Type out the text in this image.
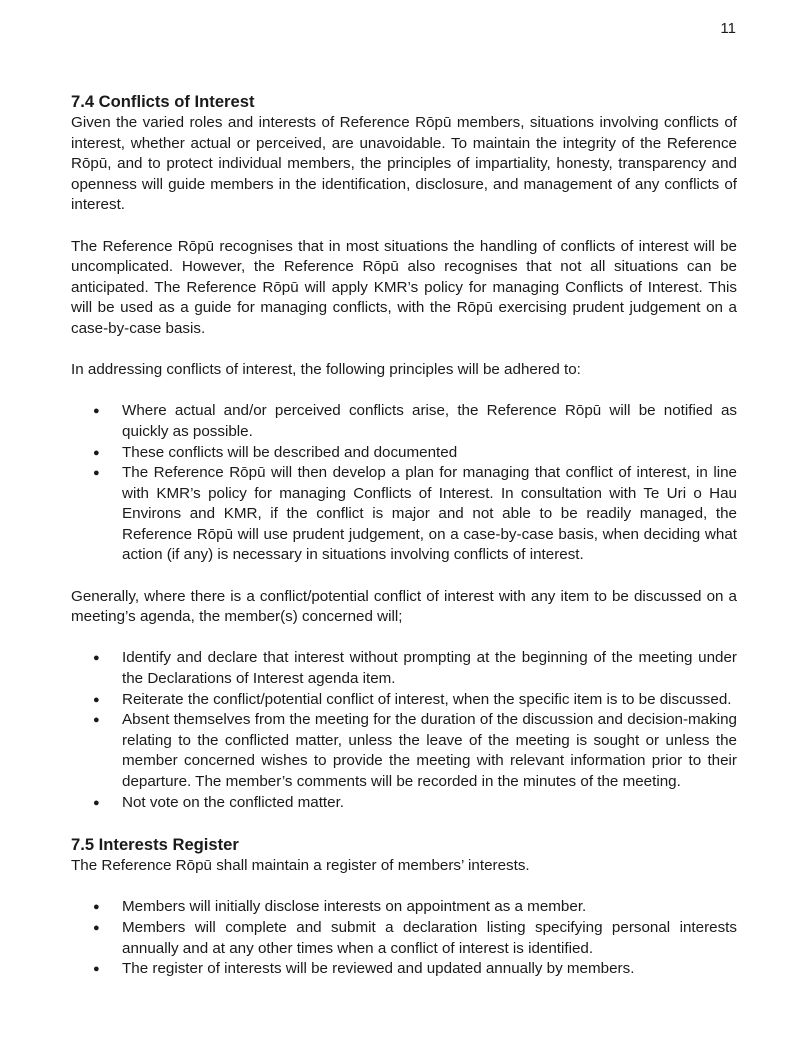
11
7.4 Conflicts of Interest

Given the varied roles and interests of Reference Rōpū members, situations involving conflicts of interest, whether actual or perceived, are unavoidable. To maintain the integrity of the Reference Rōpū, and to protect individual members, the principles of impartiality, honesty, transparency and openness will guide members in the identification, disclosure, and management of any conflicts of interest.

The Reference Rōpū recognises that in most situations the handling of conflicts of interest will be uncomplicated. However, the Reference Rōpū also recognises that not all situations can be anticipated. The Reference Rōpū will apply KMR’s policy for managing Conflicts of Interest. This will be used as a guide for managing conflicts, with the Rōpū exercising prudent judgement on a case-by-case basis.

In addressing conflicts of interest, the following principles will be adhered to:

● Where actual and/or perceived conflicts arise, the Reference Rōpū will be notified as quickly as possible.
● These conflicts will be described and documented
● The Reference Rōpū will then develop a plan for managing that conflict of interest, in line with KMR’s policy for managing Conflicts of Interest. In consultation with Te Uri o Hau Environs and KMR, if the conflict is major and not able to be readily managed, the Reference Rōpū will use prudent judgement, on a case-by-case basis, when deciding what action (if any) is necessary in situations involving conflicts of interest.

Generally, where there is a conflict/potential conflict of interest with any item to be discussed on a meeting’s agenda, the member(s) concerned will;

● Identify and declare that interest without prompting at the beginning of the meeting under the Declarations of Interest agenda item.
● Reiterate the conflict/potential conflict of interest, when the specific item is to be discussed.
● Absent themselves from the meeting for the duration of the discussion and decision-making relating to the conflicted matter, unless the leave of the meeting is sought or unless the member concerned wishes to provide the meeting with relevant information prior to their departure. The member’s comments will be recorded in the minutes of the meeting.
● Not vote on the conflicted matter.
7.5 Interests Register

The Reference Rōpū shall maintain a register of members’ interests.

● Members will initially disclose interests on appointment as a member.
● Members will complete and submit a declaration listing specifying personal interests annually and at any other times when a conflict of interest is identified.
● The register of interests will be reviewed and updated annually by members.
